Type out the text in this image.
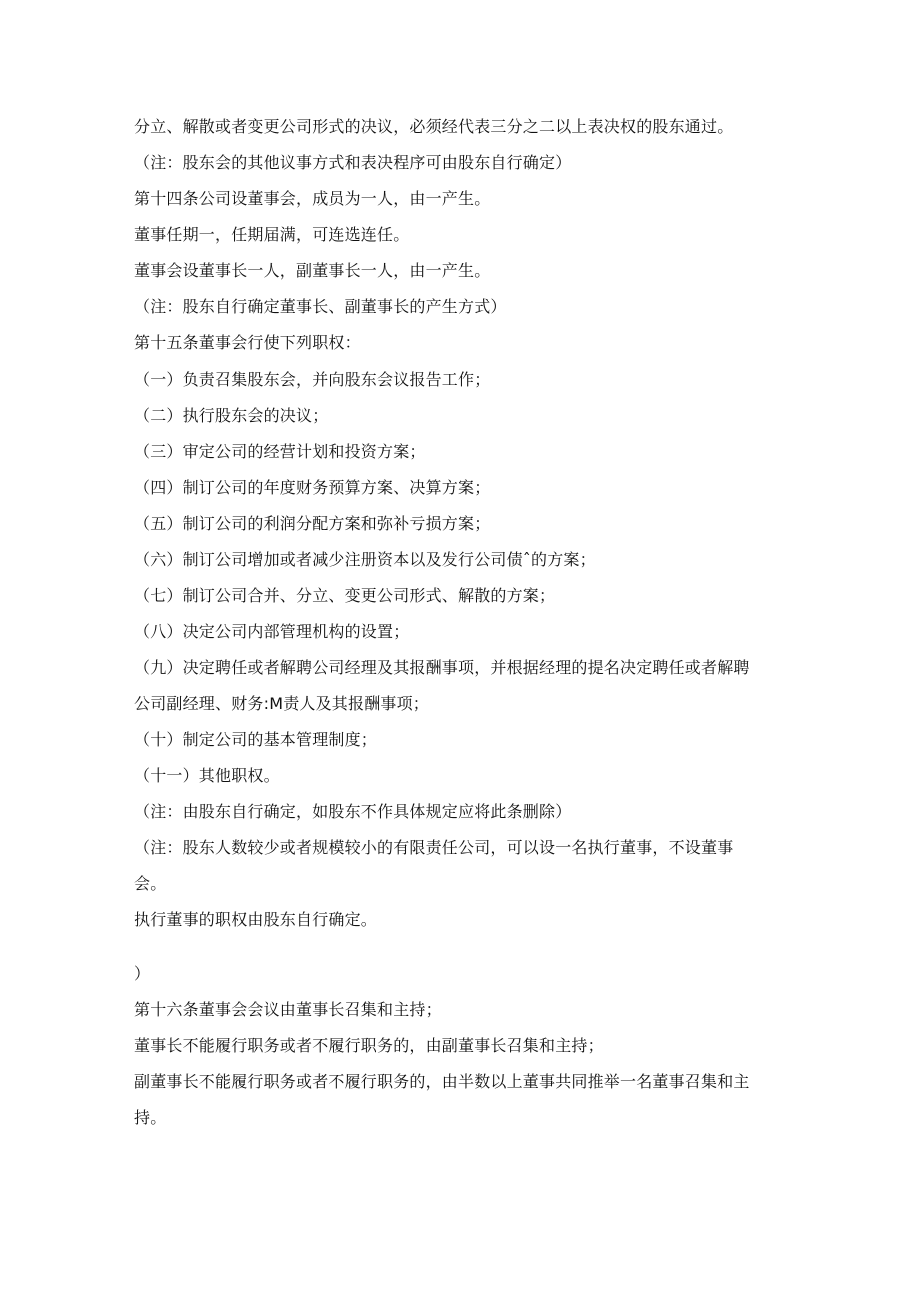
分立、解散或者变更公司形式的决议，必须经代表三分之二以上表决权的股东通过。
（注：股东会的其他议事方式和表决程序可由股东自行确定）
第十四条公司设董事会，成员为一人，由一产生。
董事任期一，任期届满，可连选连任。
董事会设董事长一人，副董事长一人，由一产生。
（注：股东自行确定董事长、副董事长的产生方式）
第十五条董事会行使下列职权：
（一）负责召集股东会，并向股东会议报告工作；
（二）执行股东会的决议；
（三）审定公司的经营计划和投资方案；
（四）制订公司的年度财务预算方案、决算方案；
（五）制订公司的利润分配方案和弥补亏损方案；
（六）制订公司增加或者减少注册资本以及发行公司债ˆ的方案；
（七）制订公司合并、分立、变更公司形式、解散的方案；
（八）决定公司内部管理机构的设置；
（九）决定聘任或者解聘公司经理及其报酬事项，并根据经理的提名决定聘任或者解聘
公司副经理、财务:M责人及其报酬事项；
（十）制定公司的基本管理制度；
（十一）其他职权。
（注：由股东自行确定，如股东不作具体规定应将此条删除）
（注：股东人数较少或者规模较小的有限责任公司，可以设一名执行董事，不设董事
会。
执行董事的职权由股东自行确定。
）
第十六条董事会会议由董事长召集和主持；
董事长不能履行职务或者不履行职务的，由副董事长召集和主持；
副董事长不能履行职务或者不履行职务的，由半数以上董事共同推举一名董事召集和主
持。
